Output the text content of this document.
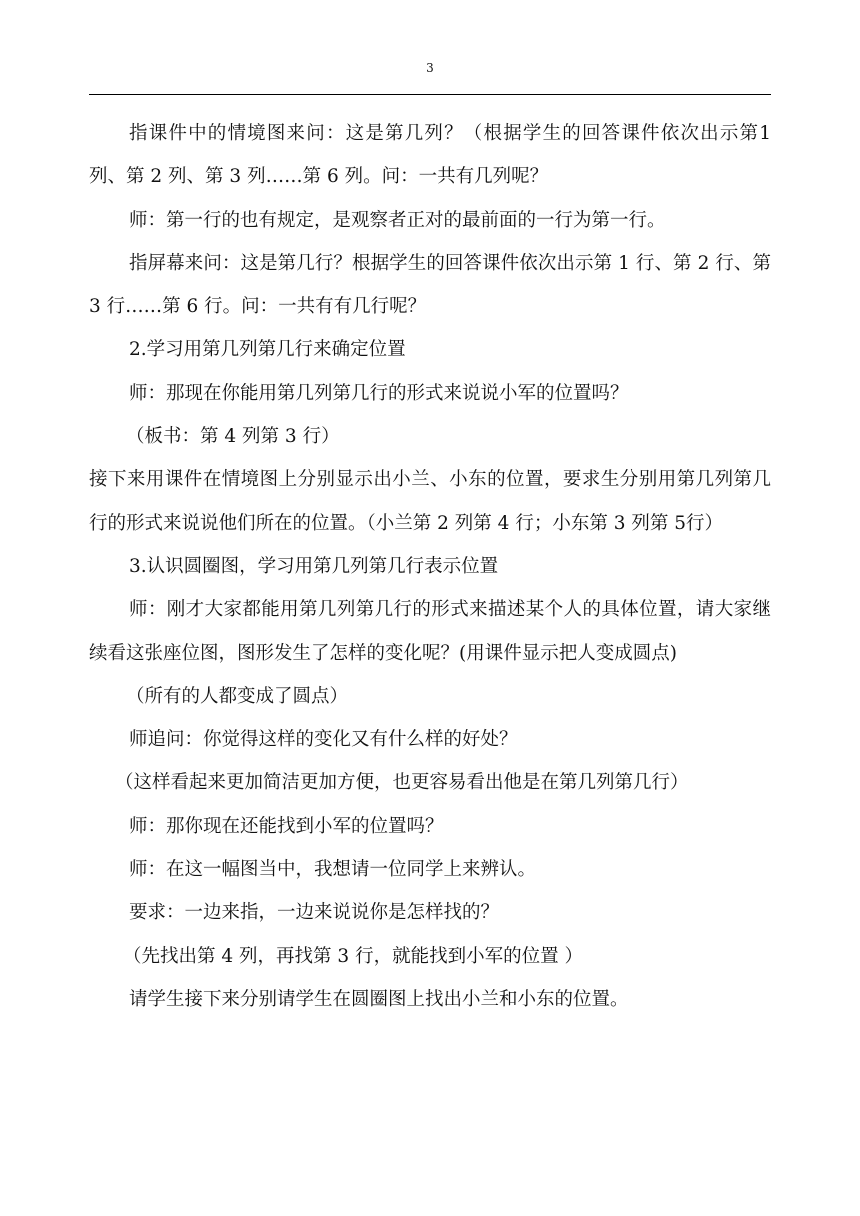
3

指课件中的情境图来问：这是第几列？（根据学生的回答课件依次出示第1 列、第 2 列、第 3 列……第 6 列。问：一共有几列呢？

师：第一行的也有规定，是观察者正对的最前面的一行为第一行。

指屏幕来问：这是第几行？根据学生的回答课件依次出示第 1 行、第 2 行、第 3 行……第 6 行。问：一共有有几行呢？

2.学习用第几列第几行来确定位置

师：那现在你能用第几列第几行的形式来说说小军的位置吗？

（板书：第 4 列第 3 行）

接下来用课件在情境图上分别显示出小兰、小东的位置，要求生分别用第几列第几行的形式来说说他们所在的位置。（小兰第 2 列第 4 行；小东第 3 列第 5行）

3.认识圆圈图，学习用第几列第几行表示位置

师：刚才大家都能用第几列第几行的形式来描述某个人的具体位置，请大家继续看这张座位图，图形发生了怎样的变化呢？(用课件显示把人变成圆点)

（所有的人都变成了圆点）

师追问：你觉得这样的变化又有什么样的好处？

（这样看起来更加简洁更加方便，也更容易看出他是在第几列第几行）

师：那你现在还能找到小军的位置吗？

师：在这一幅图当中，我想请一位同学上来辨认。

要求：一边来指，一边来说说你是怎样找的？

（先找出第 4 列，再找第 3 行，就能找到小军的位置 ）

请学生接下来分别请学生在圆圈图上找出小兰和小东的位置。
